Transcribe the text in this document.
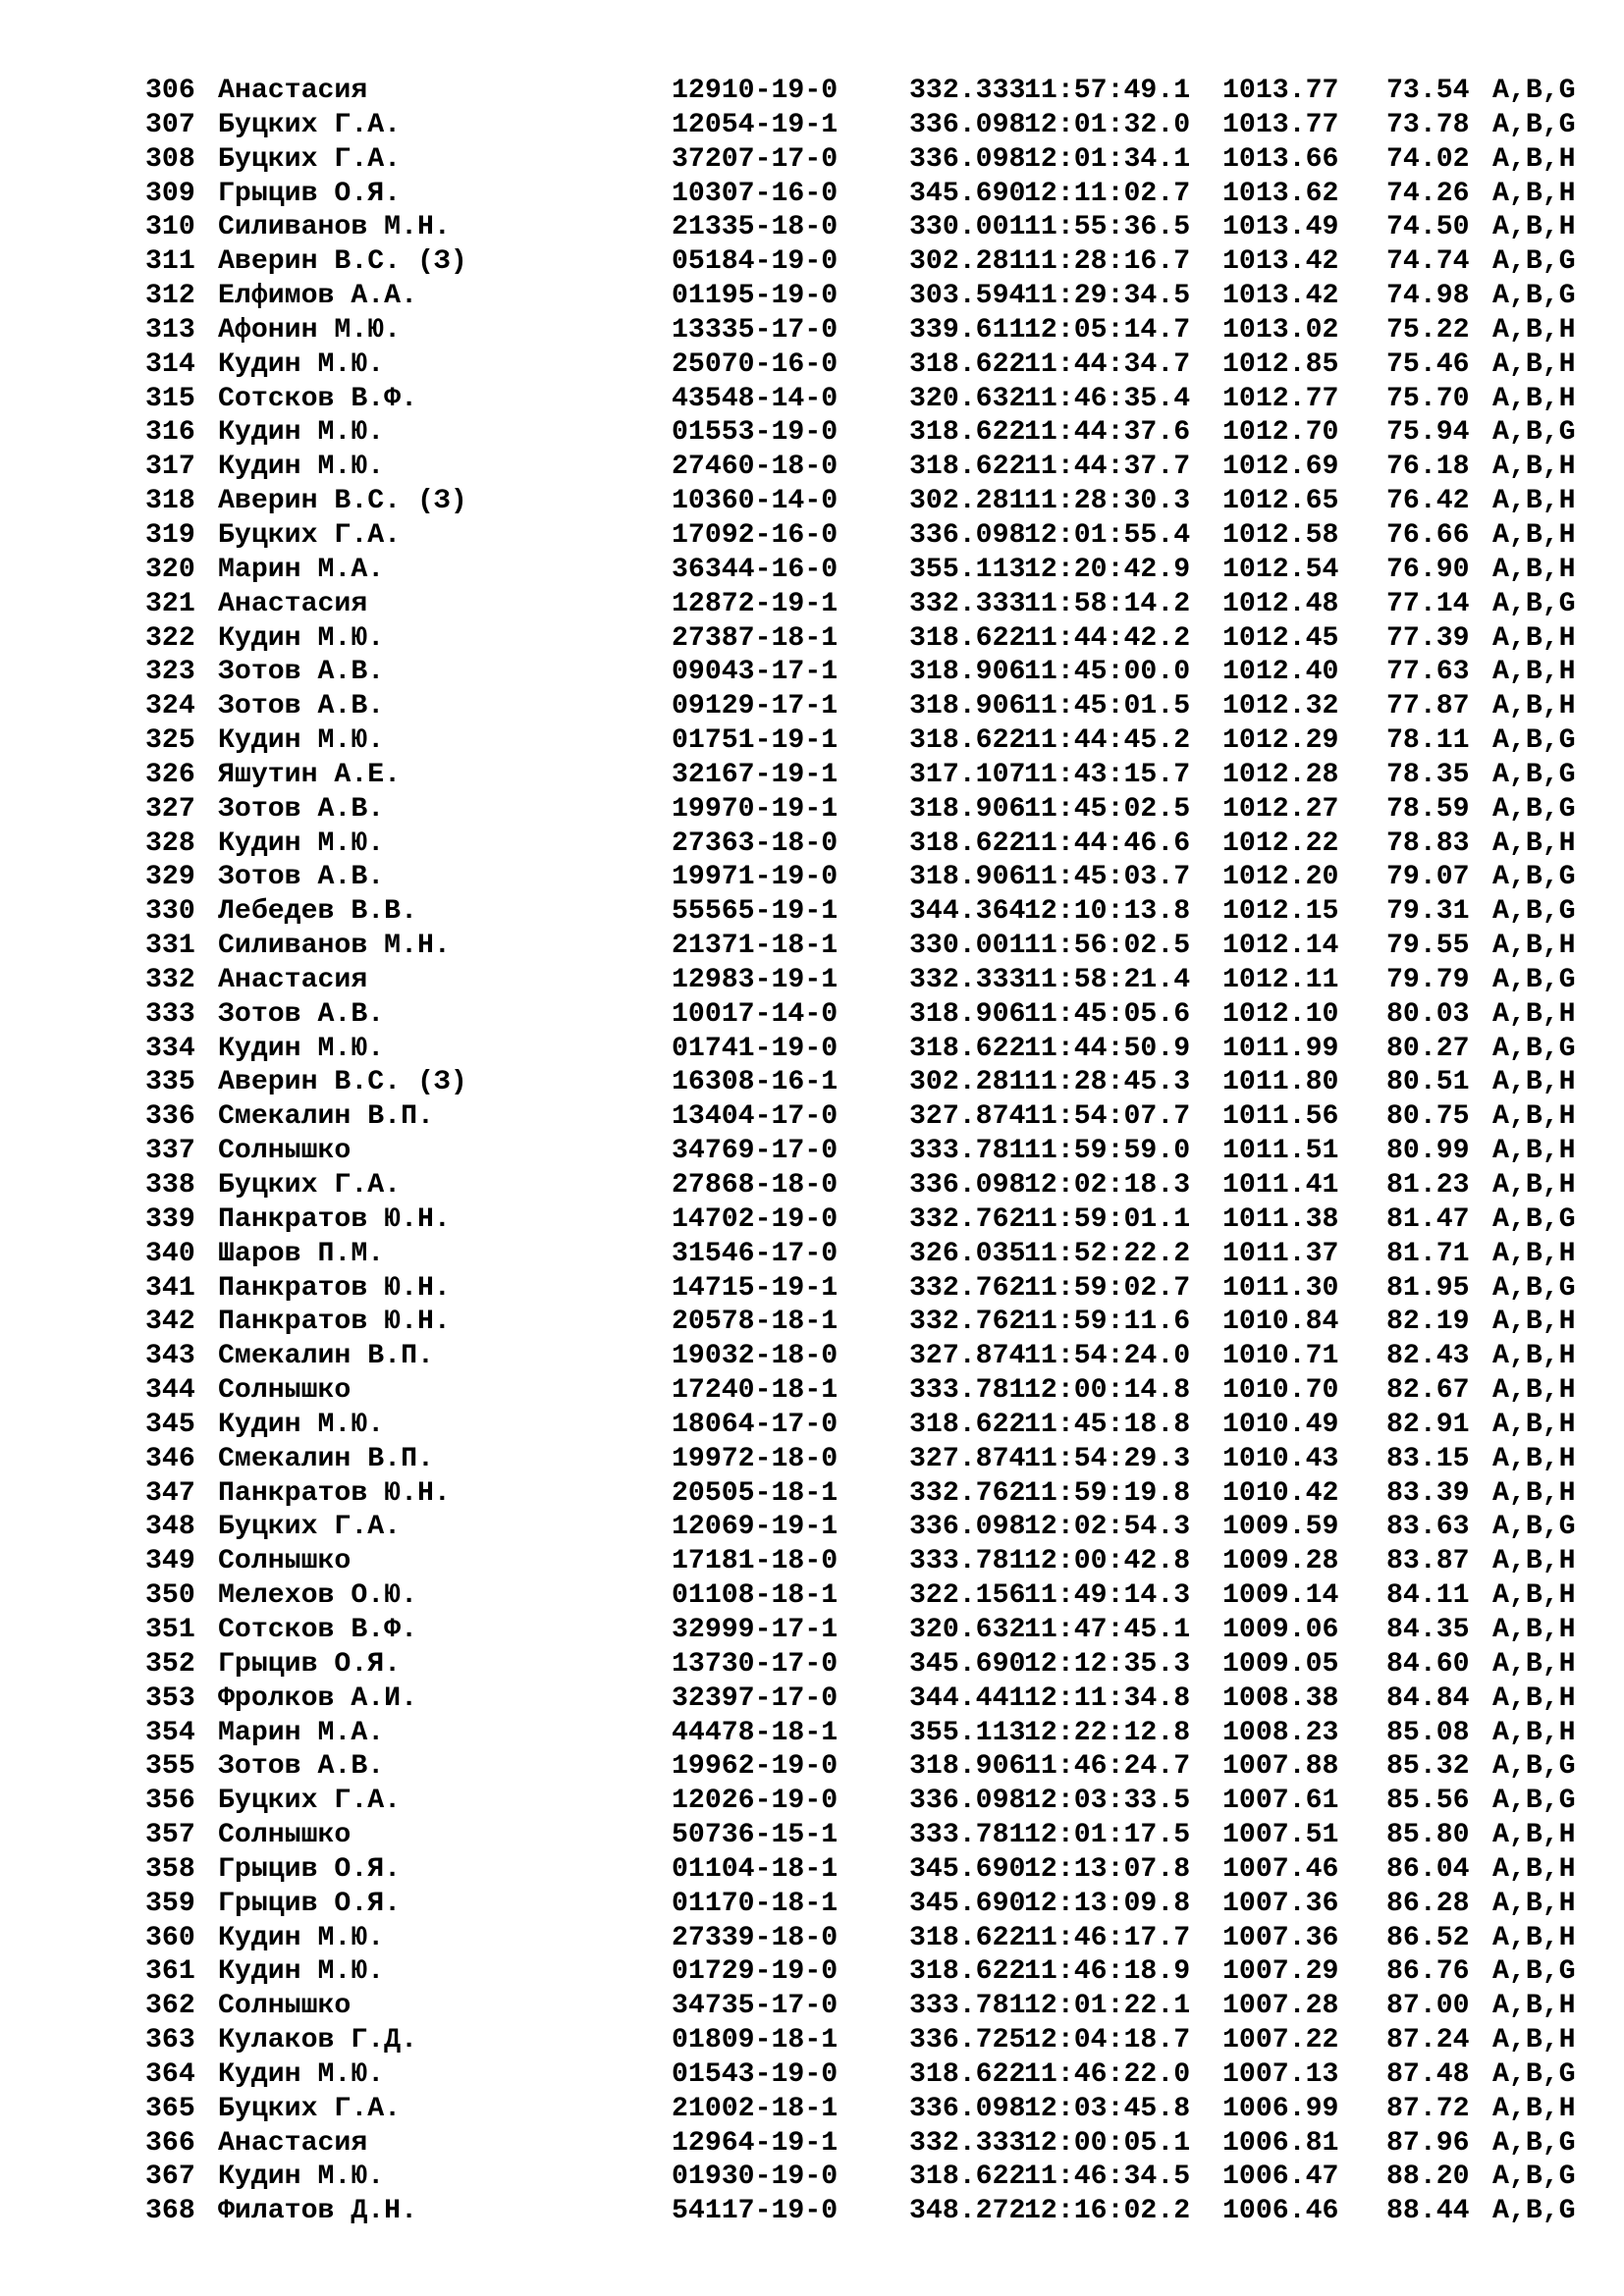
306 Анастасия	12910-19-0	332.33311:57:49.1 1013.77 73.54 A,B,G
307 Буцких Г.А.	12054-19-1	336.09812:01:32.0 1013.77 73.78 A,B,G
308 Буцких Г.А.	37207-17-0	336.09812:01:34.1 1013.66 74.02 A,B,H
309 Грыцив О.Я.	10307-16-0	345.69012:11:02.7 1013.62 74.26 A,B,H
310 Силиванов М.Н.	21335-18-0	330.00111:55:36.5 1013.49 74.50 A,B,H
311 Аверин В.С. (З)	05184-19-0	302.28111:28:16.7 1013.42 74.74 A,B,G
312 Елфимов А.А.	01195-19-0	303.59411:29:34.5 1013.42 74.98 A,B,G
313 Афонин М.Ю.	13335-17-0	339.61112:05:14.7 1013.02 75.22 A,B,H
314 Кудин М.Ю.	25070-16-0	318.62211:44:34.7 1012.85 75.46 A,B,H
315 Сотсков В.Ф.	43548-14-0	320.63211:46:35.4 1012.77 75.70 A,B,H
316 Кудин М.Ю.	01553-19-0	318.62211:44:37.6 1012.70 75.94 A,B,G
317 Кудин М.Ю.	27460-18-0	318.62211:44:37.7 1012.69 76.18 A,B,H
318 Аверин В.С. (З)	10360-14-0	302.28111:28:30.3 1012.65 76.42 A,B,H
319 Буцких Г.А.	17092-16-0	336.09812:01:55.4 1012.58 76.66 A,B,H
320 Марин М.А.	36344-16-0	355.11312:20:42.9 1012.54 76.90 A,B,H
321 Анастасия	12872-19-1	332.33311:58:14.2 1012.48 77.14 A,B,G
322 Кудин М.Ю.	27387-18-1	318.62211:44:42.2 1012.45 77.39 A,B,H
323 Зотов А.В.	09043-17-1	318.90611:45:00.0 1012.40 77.63 A,B,H
324 Зотов А.В.	09129-17-1	318.90611:45:01.5 1012.32 77.87 A,B,H
325 Кудин М.Ю.	01751-19-1	318.62211:44:45.2 1012.29 78.11 A,B,G
326 Яшутин А.Е.	32167-19-1	317.10711:43:15.7 1012.28 78.35 A,B,G
327 Зотов А.В.	19970-19-1	318.90611:45:02.5 1012.27 78.59 A,B,G
328 Кудин М.Ю.	27363-18-0	318.62211:44:46.6 1012.22 78.83 A,B,H
329 Зотов А.В.	19971-19-0	318.90611:45:03.7 1012.20 79.07 A,B,G
330 Лебедев В.В.	55565-19-1	344.36412:10:13.8 1012.15 79.31 A,B,G
331 Силиванов М.Н.	21371-18-1	330.00111:56:02.5 1012.14 79.55 A,B,H
332 Анастасия	12983-19-1	332.33311:58:21.4 1012.11 79.79 A,B,G
333 Зотов А.В.	10017-14-0	318.90611:45:05.6 1012.10 80.03 A,B,H
334 Кудин М.Ю.	01741-19-0	318.62211:44:50.9 1011.99 80.27 A,B,G
335 Аверин В.С. (З)	16308-16-1	302.28111:28:45.3 1011.80 80.51 A,B,H
336 Смекалин В.П.	13404-17-0	327.87411:54:07.7 1011.56 80.75 A,B,H
337 Солнышко	34769-17-0	333.78111:59:59.0 1011.51 80.99 A,B,H
338 Буцких Г.А.	27868-18-0	336.09812:02:18.3 1011.41 81.23 A,B,H
339 Панкратов Ю.Н.	14702-19-0	332.76211:59:01.1 1011.38 81.47 A,B,G
340 Шаров П.М.	31546-17-0	326.03511:52:22.2 1011.37 81.71 A,B,H
341 Панкратов Ю.Н.	14715-19-1	332.76211:59:02.7 1011.30 81.95 A,B,G
342 Панкратов Ю.Н.	20578-18-1	332.76211:59:11.6 1010.84 82.19 A,B,H
343 Смекалин В.П.	19032-18-0	327.87411:54:24.0 1010.71 82.43 A,B,H
344 Солнышко	17240-18-1	333.78112:00:14.8 1010.70 82.67 A,B,H
345 Кудин М.Ю.	18064-17-0	318.62211:45:18.8 1010.49 82.91 A,B,H
346 Смекалин В.П.	19972-18-0	327.87411:54:29.3 1010.43 83.15 A,B,H
347 Панкратов Ю.Н.	20505-18-1	332.76211:59:19.8 1010.42 83.39 A,B,H
348 Буцких Г.А.	12069-19-1	336.09812:02:54.3 1009.59 83.63 A,B,G
349 Солнышко	17181-18-0	333.78112:00:42.8 1009.28 83.87 A,B,H
350 Мелехов О.Ю.	01108-18-1	322.15611:49:14.3 1009.14 84.11 A,B,H
351 Сотсков В.Ф.	32999-17-1	320.63211:47:45.1 1009.06 84.35 A,B,H
352 Грыцив О.Я.	13730-17-0	345.69012:12:35.3 1009.05 84.60 A,B,H
353 Фролков А.И.	32397-17-0	344.44112:11:34.8 1008.38 84.84 A,B,H
354 Марин М.А.	44478-18-1	355.11312:22:12.8 1008.23 85.08 A,B,H
355 Зотов А.В.	19962-19-0	318.90611:46:24.7 1007.88 85.32 A,B,G
356 Буцких Г.А.	12026-19-0	336.09812:03:33.5 1007.61 85.56 A,B,G
357 Солнышко	50736-15-1	333.78112:01:17.5 1007.51 85.80 A,B,H
358 Грыцив О.Я.	01104-18-1	345.69012:13:07.8 1007.46 86.04 A,B,H
359 Грыцив О.Я.	01170-18-1	345.69012:13:09.8 1007.36 86.28 A,B,H
360 Кудин М.Ю.	27339-18-0	318.62211:46:17.7 1007.36 86.52 A,B,H
361 Кудин М.Ю.	01729-19-0	318.62211:46:18.9 1007.29 86.76 A,B,G
362 Солнышко	34735-17-0	333.78112:01:22.1 1007.28 87.00 A,B,H
363 Кулаков Г.Д.	01809-18-1	336.72512:04:18.7 1007.22 87.24 A,B,H
364 Кудин М.Ю.	01543-19-0	318.62211:46:22.0 1007.13 87.48 A,B,G
365 Буцких Г.А.	21002-18-1	336.09812:03:45.8 1006.99 87.72 A,B,H
366 Анастасия	12964-19-1	332.33312:00:05.1 1006.81 87.96 A,B,G
367 Кудин М.Ю.	01930-19-0	318.62211:46:34.5 1006.47 88.20 A,B,G
368 Филатов Д.Н.	54117-19-0	348.27212:16:02.2 1006.46 88.44 A,B,G
